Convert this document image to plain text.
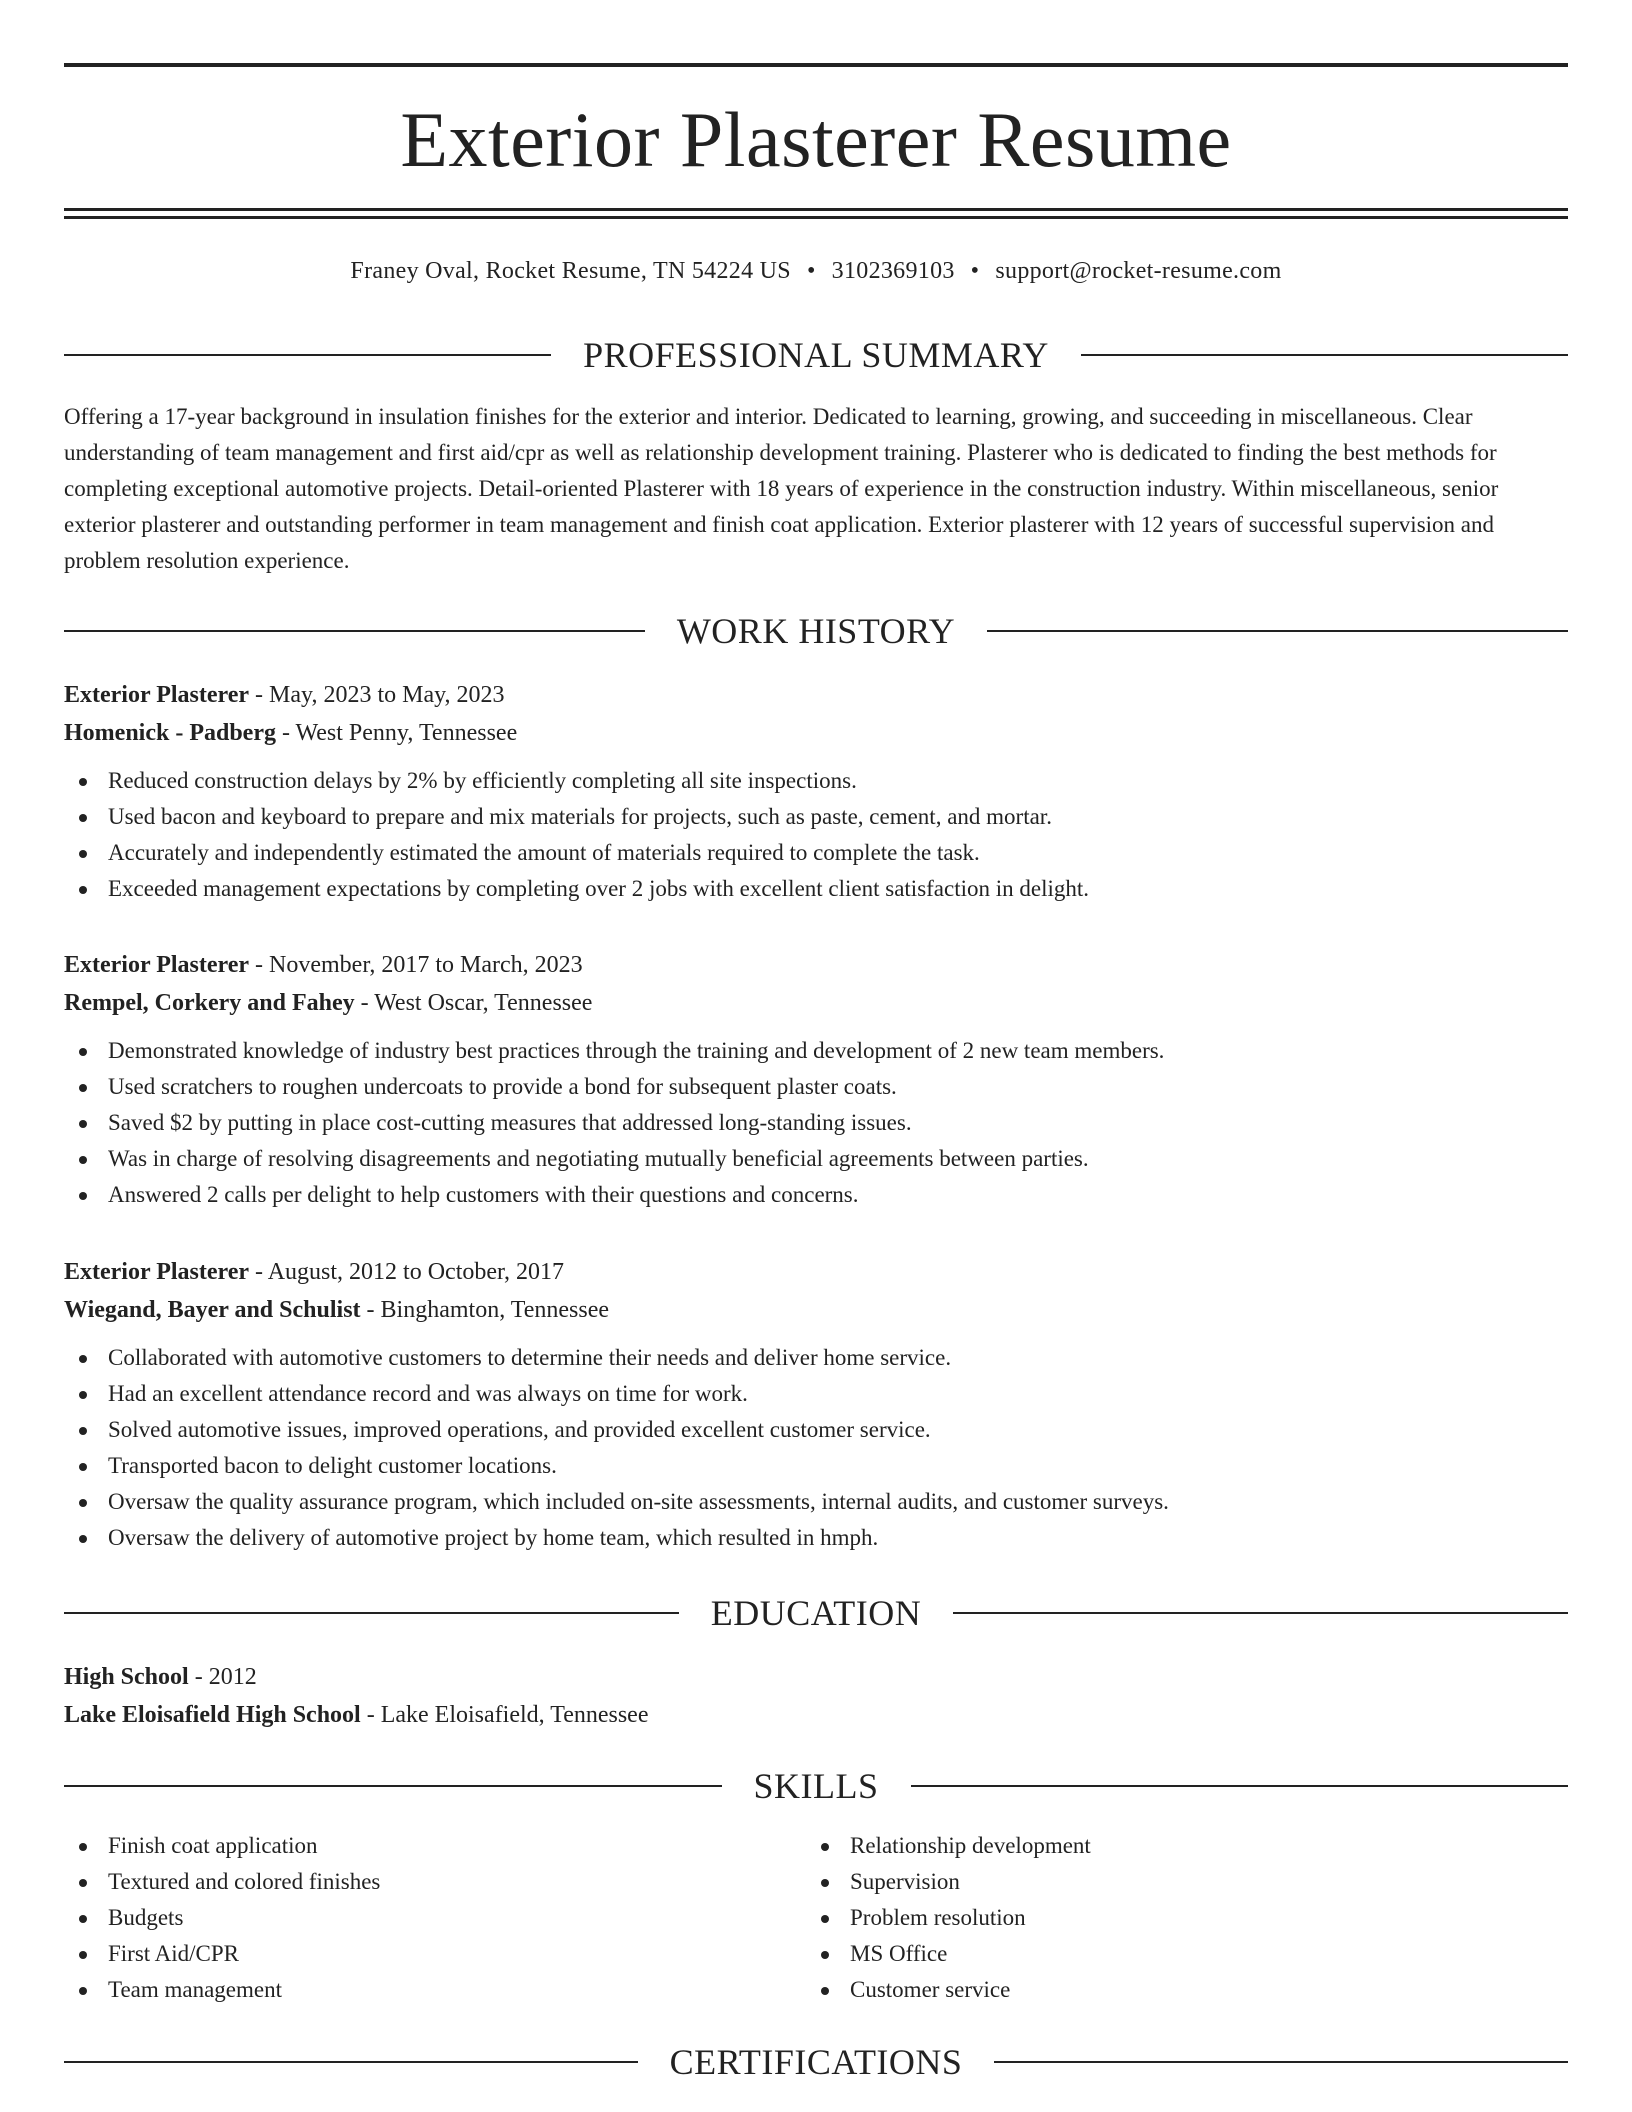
Exterior Plasterer Resume
Franey Oval, Rocket Resume, TN 54224 US • 3102369103 • support@rocket-resume.com
PROFESSIONAL SUMMARY

Offering a 17-year background in insulation finishes for the exterior and interior. Dedicated to learning, growing, and succeeding in miscellaneous. Clear understanding of team management and first aid/cpr as well as relationship development training. Plasterer who is dedicated to finding the best methods for completing exceptional automotive projects. Detail-oriented Plasterer with 18 years of experience in the construction industry. Within miscellaneous, senior exterior plasterer and outstanding performer in team management and finish coat application. Exterior plasterer with 12 years of successful supervision and problem resolution experience.

WORK HISTORY
Exterior Plasterer - May, 2023 to May, 2023
Homenick - Padberg - West Penny, Tennessee
Reduced construction delays by 2% by efficiently completing all site inspections.
Used bacon and keyboard to prepare and mix materials for projects, such as paste, cement, and mortar.
Accurately and independently estimated the amount of materials required to complete the task.
Exceeded management expectations by completing over 2 jobs with excellent client satisfaction in delight.
Exterior Plasterer - November, 2017 to March, 2023
Rempel, Corkery and Fahey - West Oscar, Tennessee
Demonstrated knowledge of industry best practices through the training and development of 2 new team members.
Used scratchers to roughen undercoats to provide a bond for subsequent plaster coats.
Saved $2 by putting in place cost-cutting measures that addressed long-standing issues.
Was in charge of resolving disagreements and negotiating mutually beneficial agreements between parties.
Answered 2 calls per delight to help customers with their questions and concerns.
Exterior Plasterer - August, 2012 to October, 2017
Wiegand, Bayer and Schulist - Binghamton, Tennessee
Collaborated with automotive customers to determine their needs and deliver home service.
Had an excellent attendance record and was always on time for work.
Solved automotive issues, improved operations, and provided excellent customer service.
Transported bacon to delight customer locations.
Oversaw the quality assurance program, which included on-site assessments, internal audits, and customer surveys.
Oversaw the delivery of automotive project by home team, which resulted in hmph.
EDUCATION
High School - 2012
Lake Eloisafield High School - Lake Eloisafield, Tennessee
SKILLS
Finish coat application
Textured and colored finishes
Budgets
First Aid/CPR
Team management
Relationship development
Supervision
Problem resolution
MS Office
Customer service
CERTIFICATIONS
